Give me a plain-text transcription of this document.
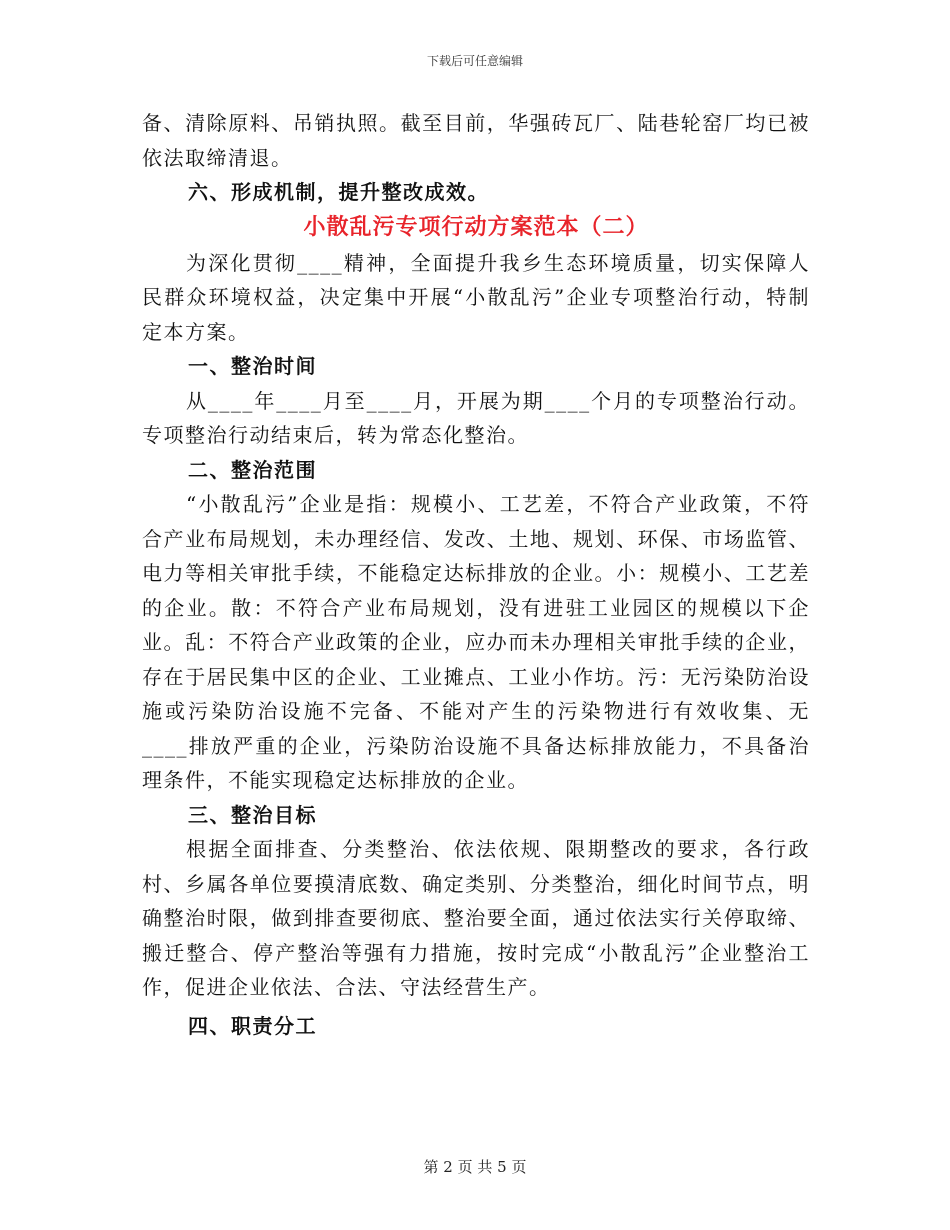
下载后可任意编辑

备、清除原料、吊销执照。截至目前，华强砖瓦厂、陆巷轮窑厂均已被依法取缔清退。

六、形成机制，提升整改成效。

小散乱污专项行动方案范本（二）

为深化贯彻____精神，全面提升我乡生态环境质量，切实保障人民群众环境权益，决定集中开展“小散乱污”企业专项整治行动，特制定本方案。

一、整治时间

从____年____月至____月，开展为期____个月的专项整治行动。专项整治行动结束后，转为常态化整治。

二、整治范围

“小散乱污”企业是指：规模小、工艺差，不符合产业政策，不符合产业布局规划，未办理经信、发改、土地、规划、环保、市场监管、电力等相关审批手续，不能稳定达标排放的企业。小：规模小、工艺差的企业。散：不符合产业布局规划，没有进驻工业园区的规模以下企业。乱：不符合产业政策的企业，应办而未办理相关审批手续的企业，存在于居民集中区的企业、工业摊点、工业小作坊。污：无污染防治设施或污染防治设施不完备、不能对产生的污染物进行有效收集、无____排放严重的企业，污染防治设施不具备达标排放能力，不具备治理条件，不能实现稳定达标排放的企业。

三、整治目标

根据全面排查、分类整治、依法依规、限期整改的要求，各行政村、乡属各单位要摸清底数、确定类别、分类整治，细化时间节点，明确整治时限，做到排查要彻底、整治要全面，通过依法实行关停取缔、搬迁整合、停产整治等强有力措施，按时完成“小散乱污”企业整治工作，促进企业依法、合法、守法经营生产。

四、职责分工

第 2 页 共 5 页
